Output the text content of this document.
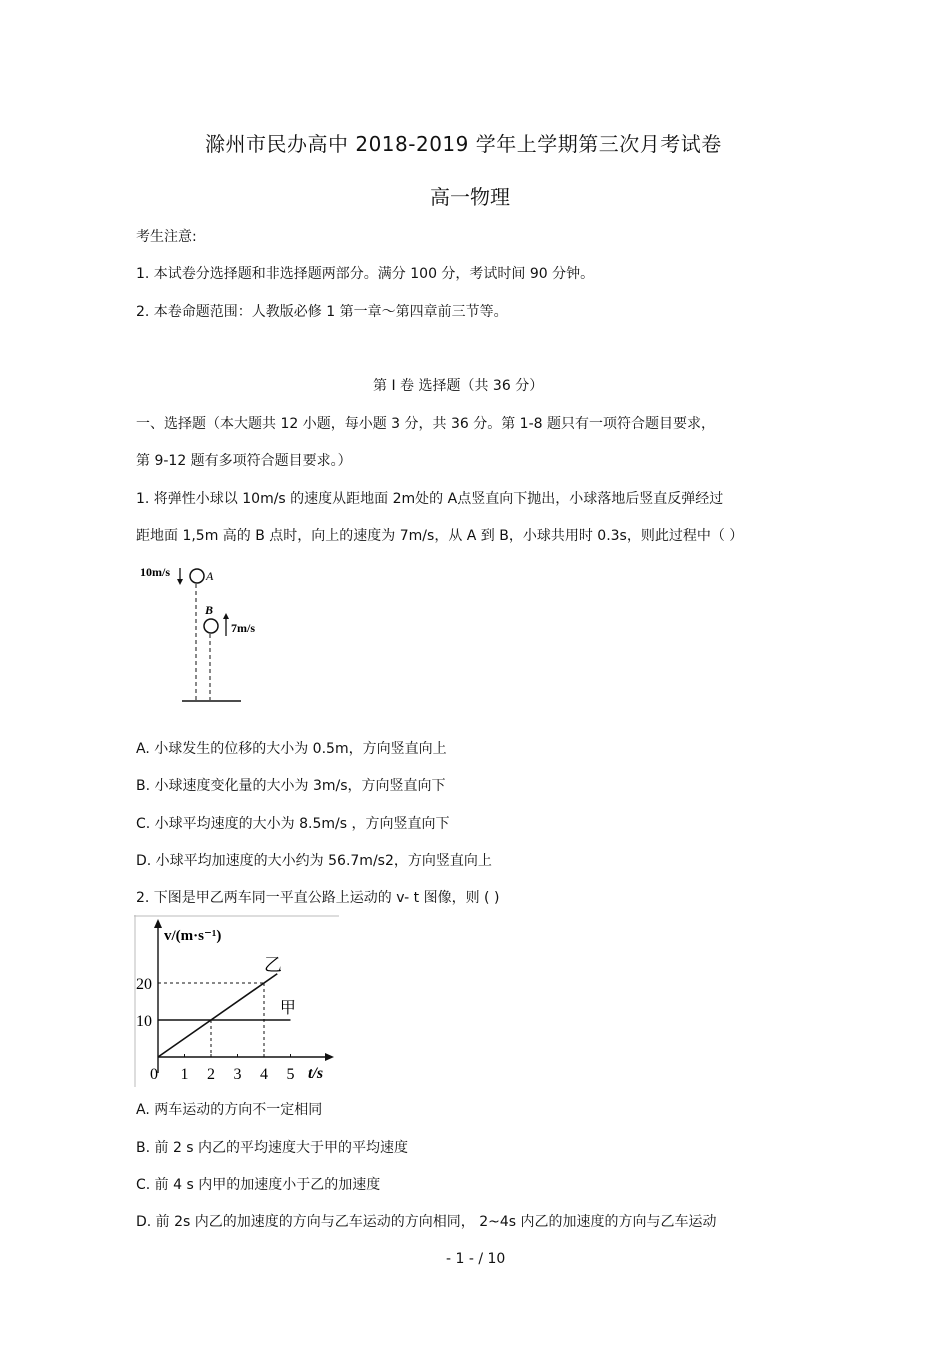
滁州市民办高中 2018-2019 学年上学期第三次月考试卷
高一物理
考生注意:
1. 本试卷分选择题和非选择题两部分。满分 100 分，考试时间 90 分钟。
2. 本卷命题范围：人教版必修 1 第一章～第四章前三节等。
第 I 卷 选择题（共 36 分）
一、选择题（本大题共 12 小题，每小题 3 分，共 36 分。第 1-8 题只有一项符合题目要求，
第 9-12 题有多项符合题目要求。）
1. 将弹性小球以 10m/s 的速度从距地面 2m处的 A点竖直向下抛出，小球落地后竖直反弹经过
距地面 1,5m 高的 B 点时，向上的速度为 7m/s，从 A 到 B，小球共用时 0.3s，则此过程中（ ）
10m/s	A
B
7m/s
A. 小球发生的位移的大小为 0.5m，方向竖直向上
B. 小球速度变化量的大小为 3m/s，方向竖直向下
C. 小球平均速度的大小为 8.5m/s ，方向竖直向下
D. 小球平均加速度的大小约为 56.7m/s2，方向竖直向上
2. 下图是甲乙两车同一平直公路上运动的 v- t 图像，则 ( )
v/(m·s⁻¹)
t/s
0 1 2 3 4 5
10
20
甲
乙
A. 两车运动的方向不一定相同
B. 前 2 s 内乙的平均速度大于甲的平均速度
C. 前 4 s 内甲的加速度小于乙的加速度
D. 前 2s 内乙的加速度的方向与乙车运动的方向相同， 2~4s 内乙的加速度的方向与乙车运动
- 1 - / 10
